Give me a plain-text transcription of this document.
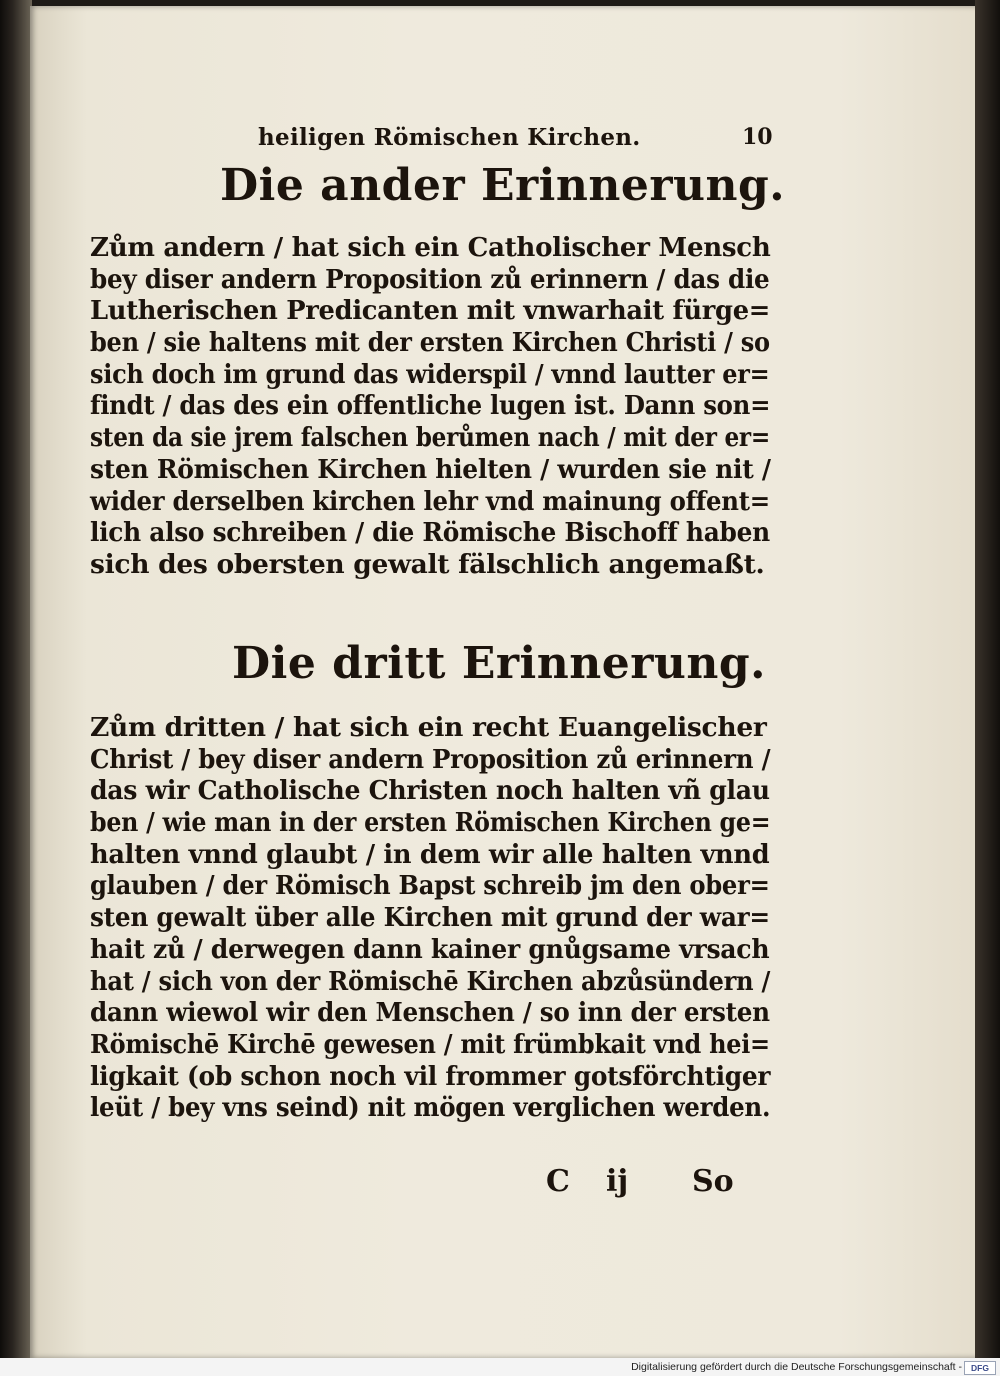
heiligen Römischen Kirchen.	10
Die ander Erinnerung.
Zům andern / hat sich ein Catholischer Mensch
bey diser andern Proposition zů erinnern / das die
Lutherischen Predicanten mit vnwarhait fürge=
ben / sie haltens mit der ersten Kirchen Christi / so
sich doch im grund das widerspil / vnnd lautter er=
findt / das des ein offentliche lugen ist. Dann son=
sten da sie jrem falschen berůmen nach / mit der er=
sten Römischen Kirchen hielten / wurden sie nit /
wider derselben kirchen lehr vnd mainung offent=
lich also schreiben / die Römische Bischoff haben
sich des obersten gewalt fälschlich angemaßt.
Die dritt Erinnerung.
Zům dritten / hat sich ein recht Euangelischer
Christ / bey diser andern Proposition zů erinnern /
das wir Catholische Christen noch halten vñ glau
ben / wie man in der ersten Römischen Kirchen ge=
halten vnnd glaubt / in dem wir alle halten vnnd
glauben / der Römisch Bapst schreib jm den ober=
sten gewalt über alle Kirchen mit grund der war=
hait zů / derwegen dann kainer gnůgsame vrsach
hat / sich von der Römischē Kirchen abzůsündern /
dann wiewol wir den Menschen / so inn der ersten
Römischē Kirchē gewesen / mit frümbkait vnd hei=
ligkait (ob schon noch vil frommer gotsförchtiger
leüt / bey vns seind) nit mögen verglichen werden.
C ij So
Digitalisierung gefördert durch die Deutsche Forschungsgemeinschaft -	DFG
